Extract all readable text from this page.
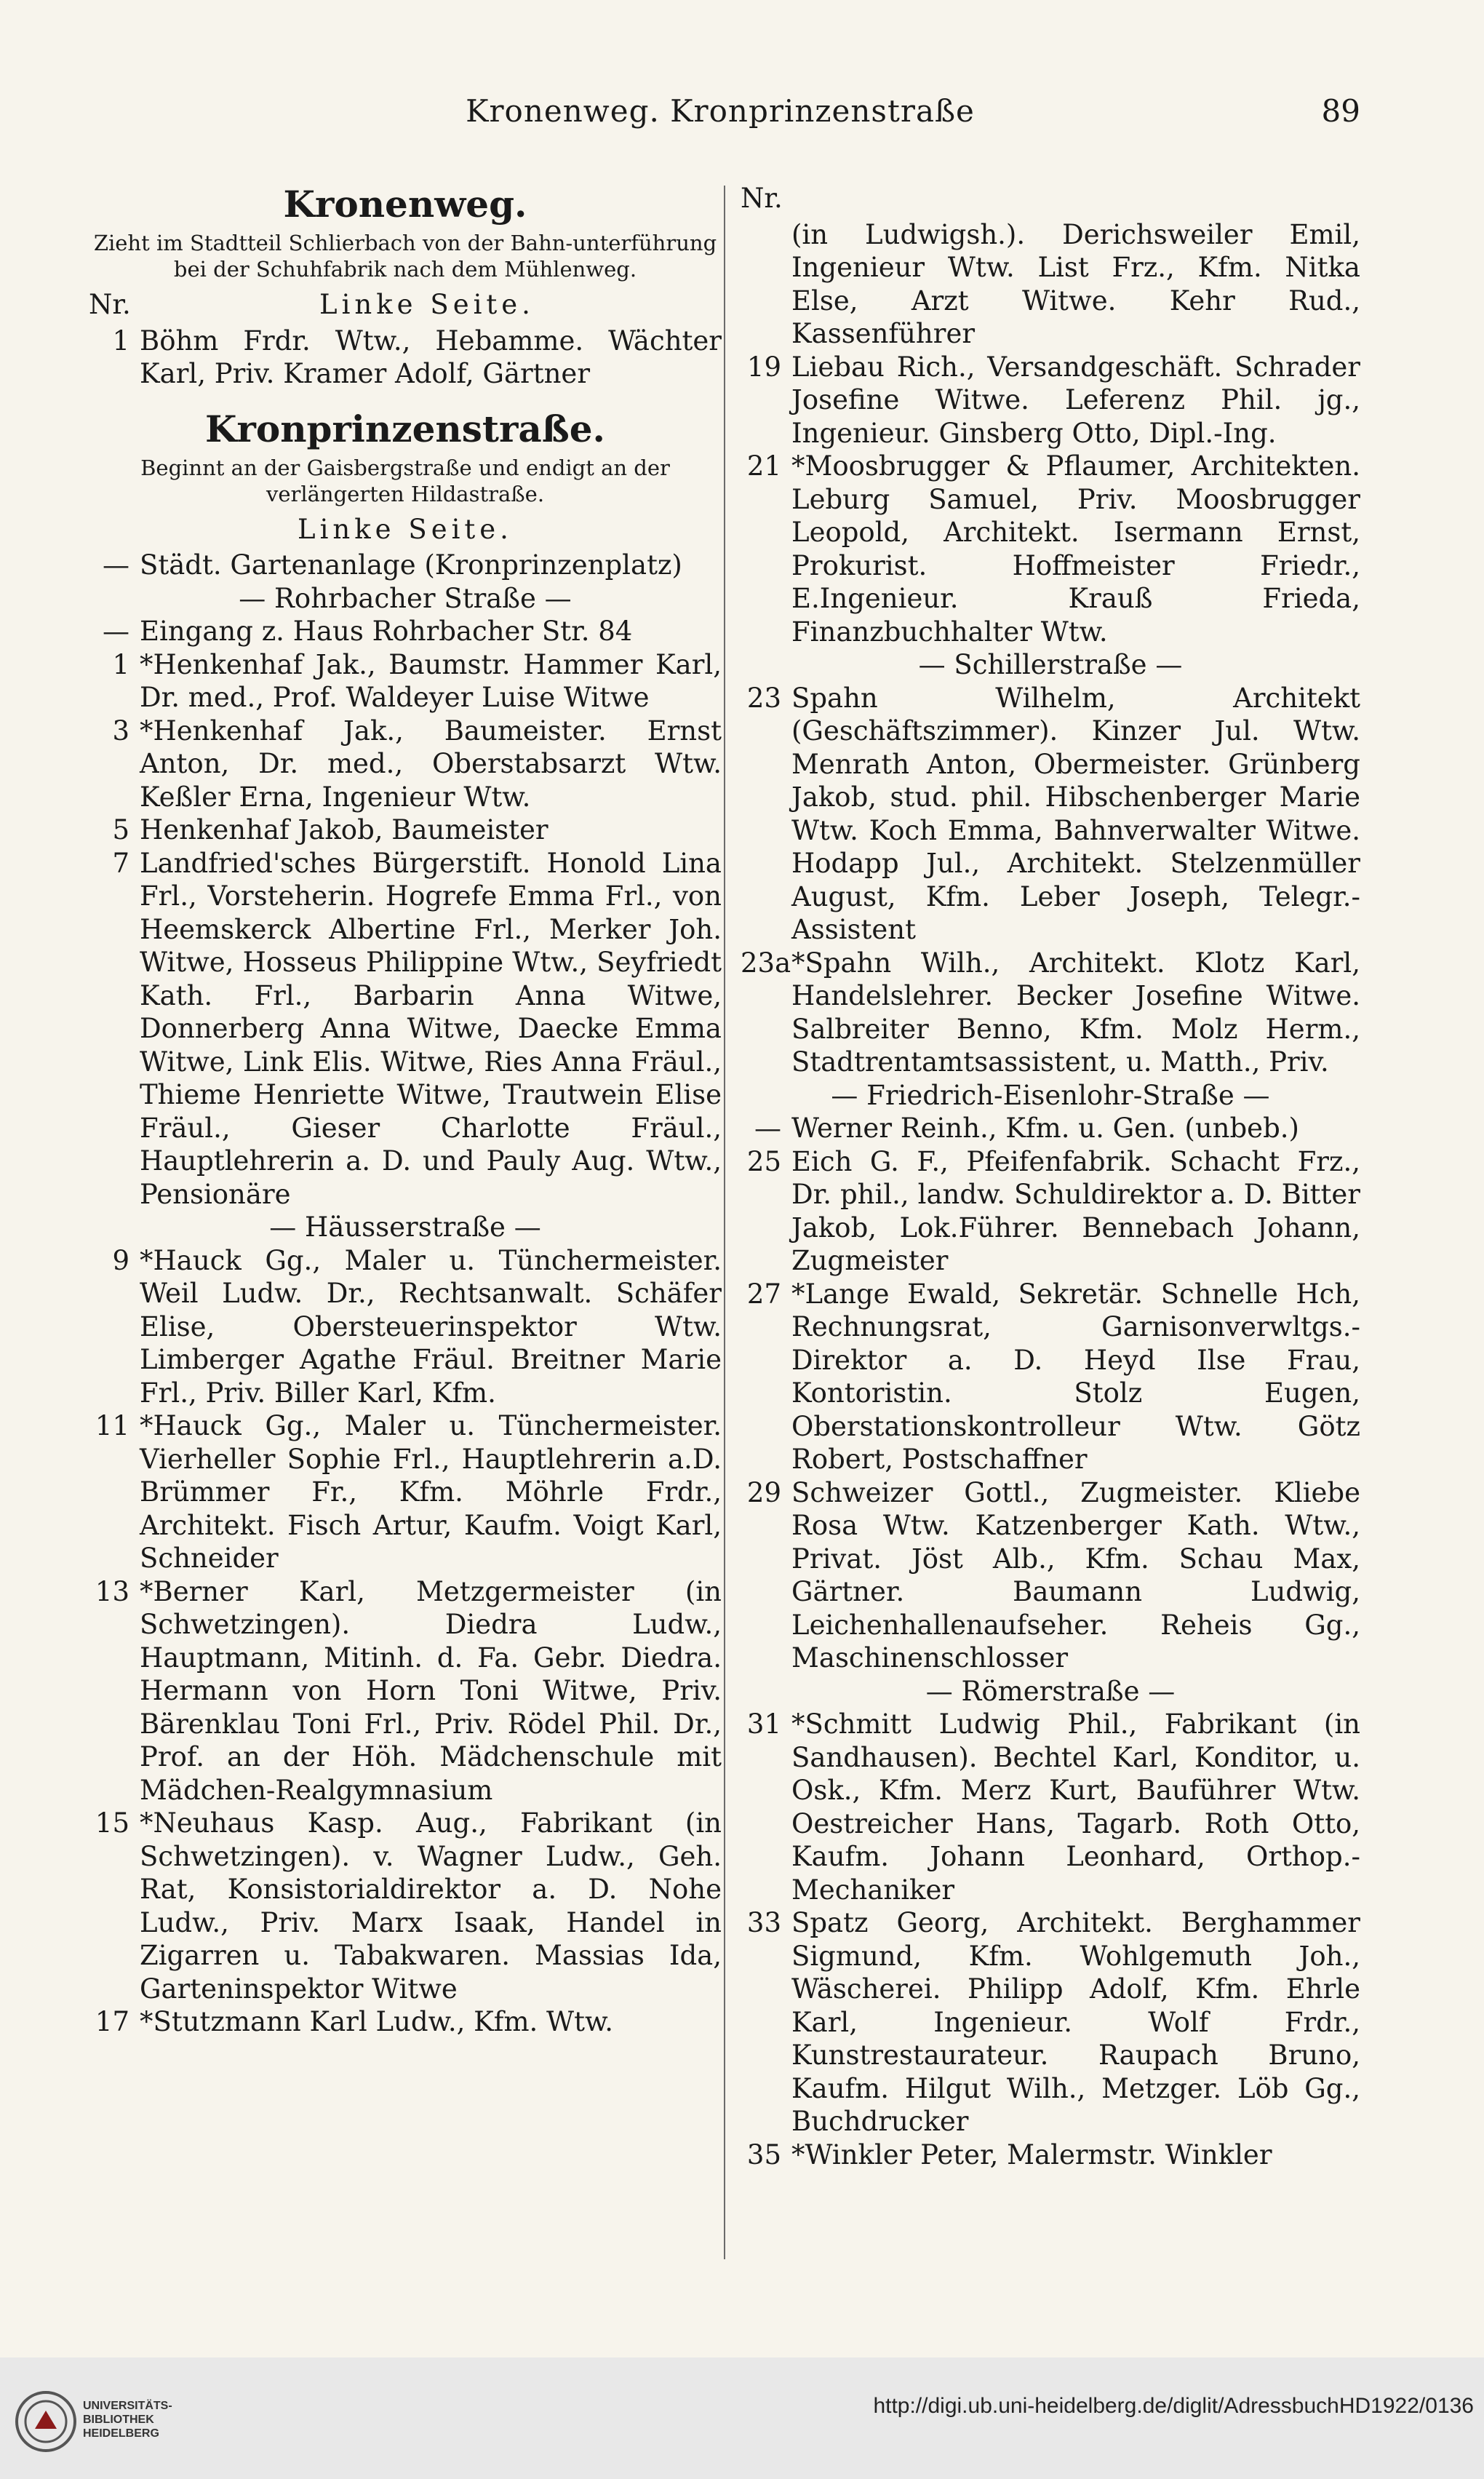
Kronenweg. Kronprinzenstraße	89
Kronenweg.
Zieht im Stadtteil Schlierbach von der Bahn-unterführung bei der Schuhfabrik nach dem Mühlenweg.
Nr.	Linke Seite.
1 Böhm Frdr. Wtw., Hebamme. Wächter Karl, Priv. Kramer Adolf, Gärtner
Kronprinzenstraße.
Beginnt an der Gaisbergstraße und endigt an der verlängerten Hildastraße.
Linke Seite.
— Städt. Gartenanlage (Kronprinzenplatz)
— Rohrbacher Straße —
— Eingang z. Haus Rohrbacher Str. 84
1 *Henkenhaf Jak., Baumstr. Hammer Karl, Dr. med., Prof. Waldeyer Luise Witwe
3 *Henkenhaf Jak., Baumeister. Ernst Anton, Dr. med., Oberstabsarzt Wtw. Keßler Erna, Ingenieur Wtw.
5 Henkenhaf Jakob, Baumeister
7 Landfried'sches Bürgerstift. Honold Lina Frl., Vorsteherin. Hogrefe Emma Frl., von Heemskerck Albertine Frl., Merker Joh. Witwe, Hosseus Philippine Wtw., Seyfriedt Kath. Frl., Barbarin Anna Witwe, Donnerberg Anna Witwe, Daecke Emma Witwe, Link Elis. Witwe, Ries Anna Fräul., Thieme Henriette Witwe, Trautwein Elise Fräul., Gieser Charlotte Fräul., Hauptlehrerin a. D. und Pauly Aug. Wtw., Pensionäre
— Häusserstraße —
9 *Hauck Gg., Maler u. Tünchermeister. Weil Ludw. Dr., Rechtsanwalt. Schäfer Elise, Obersteuerinspektor Wtw. Limberger Agathe Fräul. Breitner Marie Frl., Priv. Biller Karl, Kfm.
11 *Hauck Gg., Maler u. Tünchermeister. Vierheller Sophie Frl., Hauptlehrerin a.D. Brümmer Fr., Kfm. Möhrle Frdr., Architekt. Fisch Artur, Kaufm. Voigt Karl, Schneider
13 *Berner Karl, Metzgermeister (in Schwetzingen). Diedra Ludw., Hauptmann, Mitinh. d. Fa. Gebr. Diedra. Hermann von Horn Toni Witwe, Priv. Bärenklau Toni Frl., Priv. Rödel Phil. Dr., Prof. an der Höh. Mädchenschule mit Mädchen-Realgymnasium
15 *Neuhaus Kasp. Aug., Fabrikant (in Schwetzingen). v. Wagner Ludw., Geh. Rat, Konsistorialdirektor a. D. Nohe Ludw., Priv. Marx Isaak, Handel in Zigarren u. Tabakwaren. Massias Ida, Garteninspektor Witwe
17 *Stutzmann Karl Ludw., Kfm. Wtw.
Nr.
(in Ludwigsh.). Derichsweiler Emil, Ingenieur Wtw. List Frz., Kfm. Nitka Else, Arzt Witwe. Kehr Rud., Kassenführer
19 Liebau Rich., Versandgeschäft. Schrader Josefine Witwe. Leferenz Phil. jg., Ingenieur. Ginsberg Otto, Dipl.-Ing.
21 *Moosbrugger & Pflaumer, Architekten. Leburg Samuel, Priv. Moosbrugger Leopold, Architekt. Isermann Ernst, Prokurist. Hoffmeister Friedr., E.Ingenieur. Krauß Frieda, Finanzbuchhalter Wtw.
— Schillerstraße —
23 Spahn Wilhelm, Architekt (Geschäftszimmer). Kinzer Jul. Wtw. Menrath Anton, Obermeister. Grünberg Jakob, stud. phil. Hibschenberger Marie Wtw. Koch Emma, Bahnverwalter Witwe. Hodapp Jul., Architekt. Stelzenmüller August, Kfm. Leber Joseph, Telegr.-Assistent
23a *Spahn Wilh., Architekt. Klotz Karl, Handelslehrer. Becker Josefine Witwe. Salbreiter Benno, Kfm. Molz Herm., Stadtrentamtsassistent, u. Matth., Priv.
— Friedrich-Eisenlohr-Straße —
— Werner Reinh., Kfm. u. Gen. (unbeb.)
25 Eich G. F., Pfeifenfabrik. Schacht Frz., Dr. phil., landw. Schuldirektor a. D. Bitter Jakob, Lok.Führer. Bennebach Johann, Zugmeister
27 *Lange Ewald, Sekretär. Schnelle Hch, Rechnungsrat, Garnisonverwltgs.-Direktor a. D. Heyd Ilse Frau, Kontoristin. Stolz Eugen, Oberstationskontrolleur Wtw. Götz Robert, Postschaffner
29 Schweizer Gottl., Zugmeister. Kliebe Rosa Wtw. Katzenberger Kath. Wtw., Privat. Jöst Alb., Kfm. Schau Max, Gärtner. Baumann Ludwig, Leichenhallenaufseher. Reheis Gg., Maschinenschlosser
— Römerstraße —
31 *Schmitt Ludwig Phil., Fabrikant (in Sandhausen). Bechtel Karl, Konditor, u. Osk., Kfm. Merz Kurt, Bauführer Wtw. Oestreicher Hans, Tagarb. Roth Otto, Kaufm. Johann Leonhard, Orthop.-Mechaniker
33 Spatz Georg, Architekt. Berghammer Sigmund, Kfm. Wohlgemuth Joh., Wäscherei. Philipp Adolf, Kfm. Ehrle Karl, Ingenieur. Wolf Frdr., Kunstrestaurateur. Raupach Bruno, Kaufm. Hilgut Wilh., Metzger. Löb Gg., Buchdrucker
35 *Winkler Peter, Malermstr. Winkler
UNIVERSITÄTS-
BIBLIOTHEK
HEIDELBERG
http://digi.ub.uni-heidelberg.de/diglit/AdressbuchHD1922/0136
